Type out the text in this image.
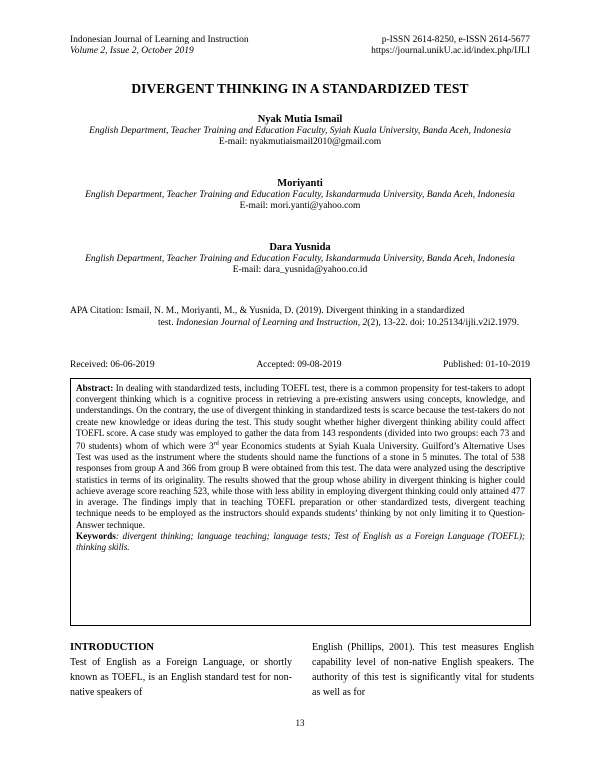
Indonesian Journal of Learning and Instruction
Volume 2, Issue 2, October 2019
p-ISSN 2614-8250, e-ISSN 2614-5677
https://journal.unikU.ac.id/index.php/IJLI
DIVERGENT THINKING IN A STANDARDIZED TEST
Nyak Mutia Ismail
English Department, Teacher Training and Education Faculty, Syiah Kuala University, Banda Aceh, Indonesia
E-mail: nyakmutiaismail2010@gmail.com
Moriyanti
English Department, Teacher Training and Education Faculty, Iskandarmuda University, Banda Aceh, Indonesia
E-mail: mori.yanti@yahoo.com
Dara Yusnida
English Department, Teacher Training and Education Faculty, Iskandarmuda University, Banda Aceh, Indonesia
E-mail: dara_yusnida@yahoo.co.id
APA Citation: Ismail, N. M., Moriyanti, M., & Yusnida, D. (2019). Divergent thinking in a standardized
test. Indonesian Journal of Learning and Instruction, 2(2), 13-22. doi: 10.25134/ijli.v2i2.1979.
Received: 06-06-2019	Accepted: 09-08-2019	Published: 01-10-2019
Abstract: In dealing with standardized tests, including TOEFL test, there is a common propensity for test-takers to adopt convergent thinking which is a cognitive process in retrieving a pre-existing answers using concepts, knowledge, and understandings. On the contrary, the use of divergent thinking in standardized tests is scarce because the test-takers do not create new knowledge or ideas during the test. This study sought whether higher divergent thinking ability could affect TOEFL score. A case study was employed to gather the data from 143 respondents (divided into two groups: each 73 and 70 students) whom of which were 3rd year Economics students at Syiah Kuala University. Guilford’s Alternative Uses Test was used as the instrument where the students should name the functions of a stone in 5 minutes. The total of 538 responses from group A and 366 from group B were obtained from this test. The data were analyzed using the descriptive statistics in terms of its originality. The results showed that the group whose ability in divergent thinking is higher could achieve average score reaching 523, while those with less ability in employing divergent thinking could only attained 477 in average. The findings imply that in teaching TOEFL preparation or other standardized tests, divergent teaching technique needs to be employed as the instructors should expands students’ thinking by not only limiting it to Question-Answer technique.
Keywords: divergent thinking; language teaching; language tests; Test of English as a Foreign Language (TOEFL); thinking skills.
INTRODUCTION
Test of English as a Foreign Language, or shortly known as TOEFL, is an English standard test for non-native speakers of
English (Phillips, 2001). This test measures English capability level of non-native English speakers. The authority of this test is significantly vital for students as well as for
13
